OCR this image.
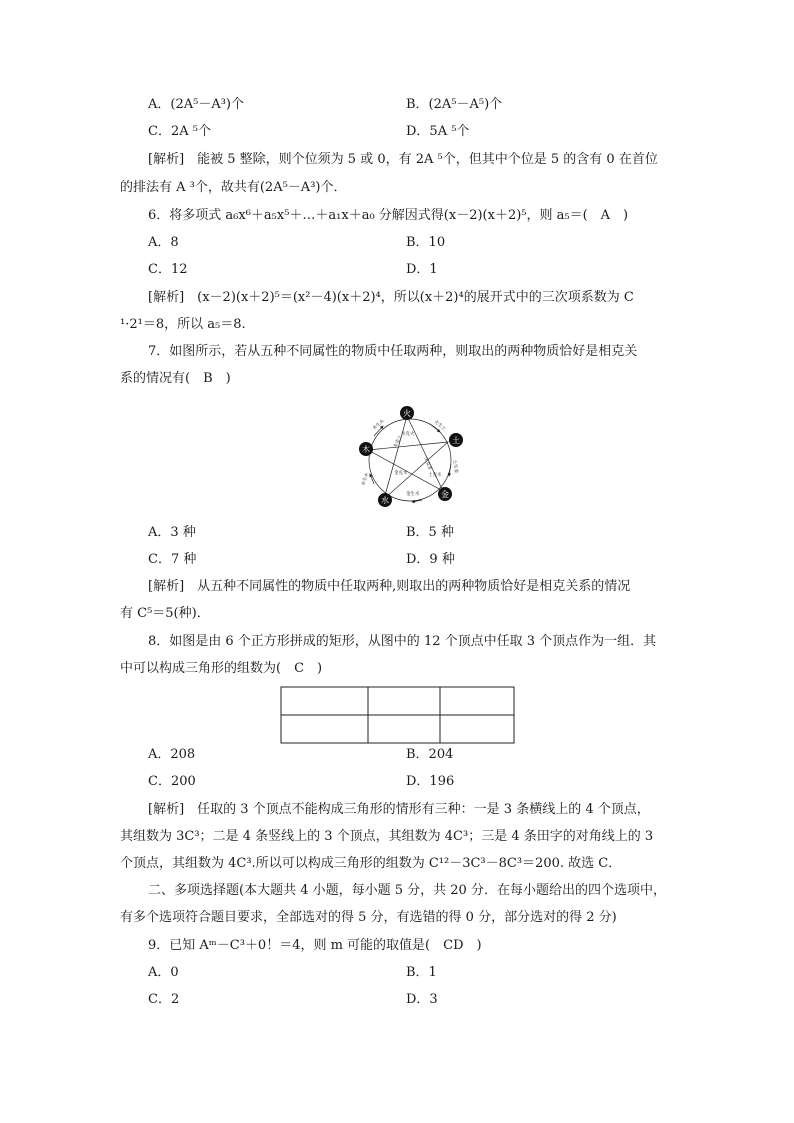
A．(2A⁵－A³)个	B．(2A⁵－A⁵)个
C．2A ⁵个	D．5A ⁵个
[解析]　能被 5 整除，则个位须为 5 或 0，有 2A ⁵个，但其中个位是 5 的含有 0 在首位
的排法有 A ³个，故共有(2A⁵－A³)个．
6．将多项式 a₆x⁶＋a₅x⁵＋…＋a₁x＋a₀ 分解因式得(x－2)(x＋2)⁵，则 a₅＝(　A　)
A．8	B．10
C．12	D．1
[解析]　(x－2)(x＋2)⁵＝(x²－4)(x＋2)⁴，所以(x＋2)⁴的展开式中的三次项系数为 C
¹·2¹＝8，所以 a₅＝8.
7．如图所示，若从五种不同属性的物质中任取两种，则取出的两种物质恰好是相克关
系的情况有(　B　)
火生土
土生金
金生水
水生木
木生火
水克火
火克金
金克木
木克土
土克水
火
土
金
水
木
A．3 种	B．5 种
C．7 种	D．9 种
[解析]　从五种不同属性的物质中任取两种,则取出的两种物质恰好是相克关系的情况
有 C⁵＝5(种)．
8．如图是由 6 个正方形拼成的矩形，从图中的 12 个顶点中任取 3 个顶点作为一组．其
中可以构成三角形的组数为(　C　)
A．208	B．204
C．200	D．196
[解析]　任取的 3 个顶点不能构成三角形的情形有三种：一是 3 条横线上的 4 个顶点，
其组数为 3C³；二是 4 条竖线上的 3 个顶点，其组数为 4C³；三是 4 条田字的对角线上的 3
个顶点，其组数为 4C³.所以可以构成三角形的组数为 C¹²－3C³－8C³＝200. 故选 C．
二、多项选择题(本大题共 4 小题，每小题 5 分，共 20 分．在每小题给出的四个选项中，
有多个选项符合题目要求，全部选对的得 5 分，有选错的得 0 分，部分选对的得 2 分)
9．已知 Aᵐ－C³＋0！＝4，则 m 可能的取值是(　CD　)
A．0	B．1
C．2	D．3
